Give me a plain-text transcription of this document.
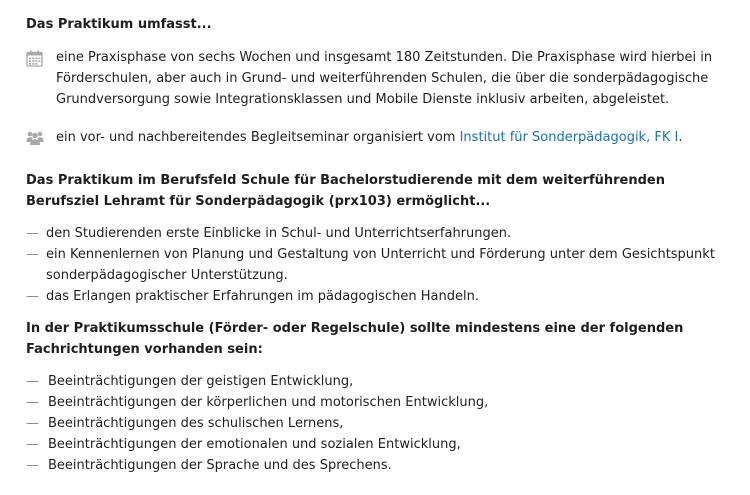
Das Praktikum umfasst...
eine Praxisphase von sechs Wochen und insgesamt 180 Zeitstunden. Die Praxisphase wird hierbei in Förderschulen, aber auch in Grund- und weiterführenden Schulen, die über die sonderpädagogische Grundversorgung sowie Integrationsklassen und Mobile Dienste inklusiv arbeiten, abgeleistet.
ein vor- und nachbereitendes Begleitseminar organisiert vom Institut für Sonderpädagogik, FK I.
Das Praktikum im Berufsfeld Schule für Bachelorstudierende mit dem weiterführenden Berufsziel Lehramt für Sonderpädagogik (prx103) ermöglicht...
— den Studierenden erste Einblicke in Schul- und Unterrichtserfahrungen.
— ein Kennenlernen von Planung und Gestaltung von Unterricht und Förderung unter dem Gesichtspunkt sonderpädagogischer Unterstützung.
— das Erlangen praktischer Erfahrungen im pädagogischen Handeln.
In der Praktikumsschule (Förder- oder Regelschule) sollte mindestens eine der folgenden Fachrichtungen vorhanden sein:
— Beeinträchtigungen der geistigen Entwicklung,
— Beeinträchtigungen der körperlichen und motorischen Entwicklung,
— Beeinträchtigungen des schulischen Lernens,
— Beeinträchtigungen der emotionalen und sozialen Entwicklung,
— Beeinträchtigungen der Sprache und des Sprechens.
